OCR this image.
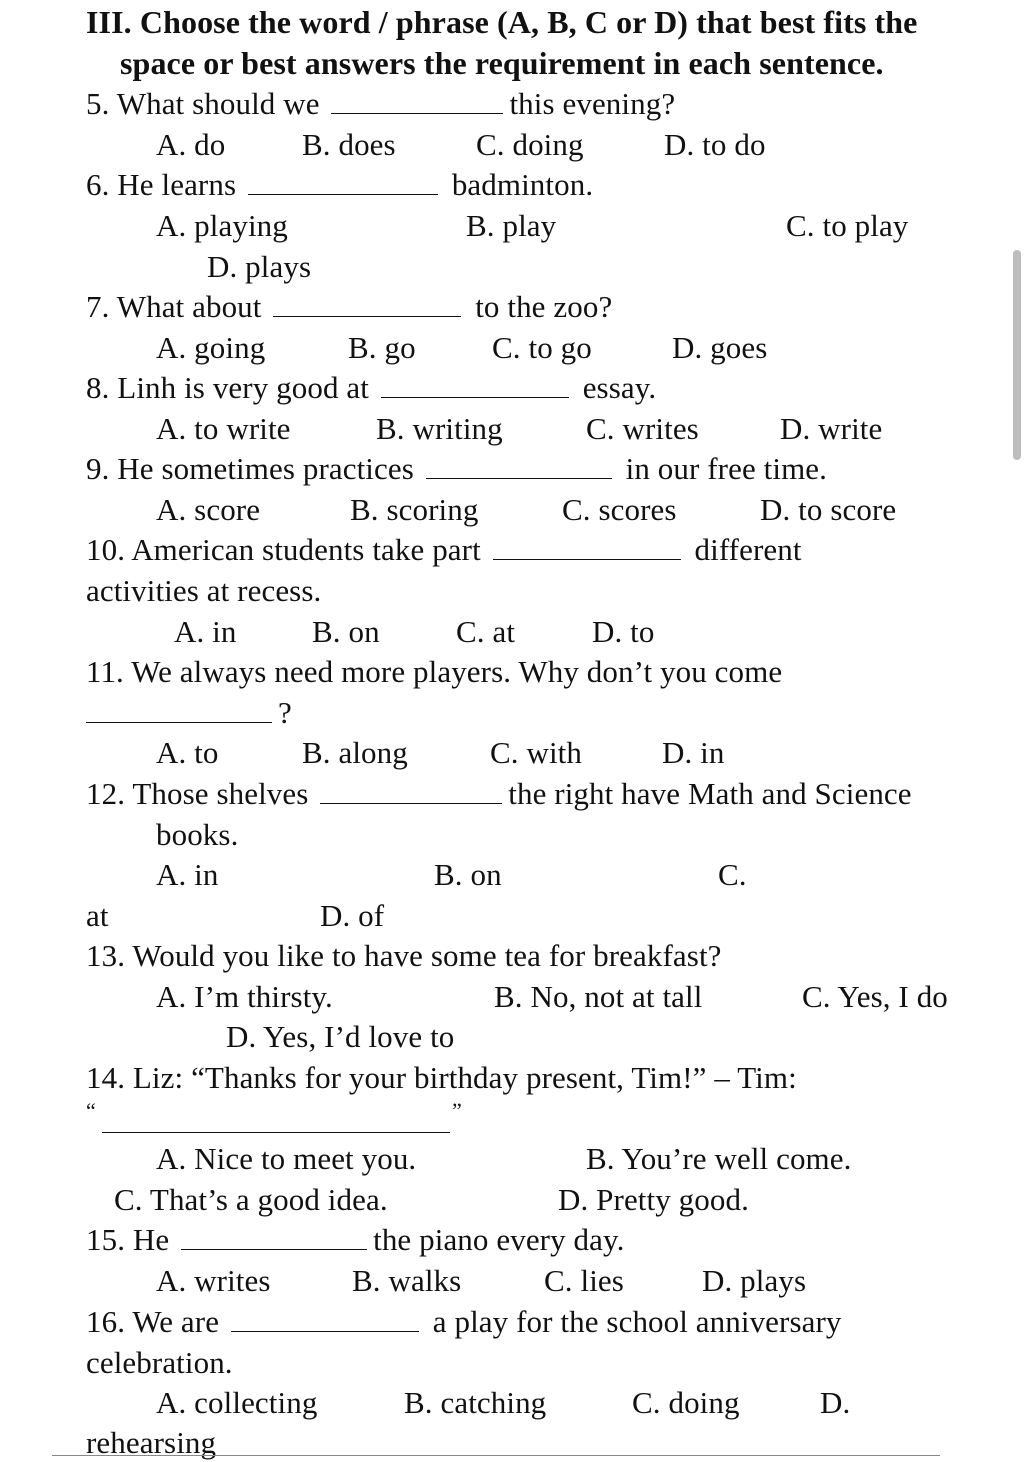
III. Choose the word / phrase (A, B, C or D) that best fits the
space or best answers the requirement in each sentence.
5. What should we	this evening?
A. do B. does	C. doing	D. to do
6. He learns	badminton.
A. playing	B. play	C. to play
D. plays
7. What about	to the zoo?
A. going	B. go C. to go	D. goes
8. Linh is very good at	essay.
A. to write	B. writing	C. writes	D. write
9. He sometimes practices	in our free time.
A. score	B. scoring	C. scores	D. to score
10. American students take part	different
activities at recess.
A. in B. on C. at D. to
11. We always need more players. Why don’t you come
?
A. to	B. along	C. with	D. in
12. Those shelves	the right have Math and Science
books.
A. in	B. on	C.
at	D. of
13. Would you like to have some tea for breakfast?
A. I’m thirsty.	B. No, not at tall	C. Yes, I do
D. Yes, I’d love to
14. Liz: “Thanks for your birthday present, Tim!” – Tim:
“	”
A. Nice to meet you.	B. You’re well come.
C. That’s a good idea.	D. Pretty good.
15. He	the piano every day.
A. writes	B. walks	C. lies	D. plays
16. We are	a play for the school anniversary
celebration.
A. collecting	B. catching	C. doing	D.
rehearsing
